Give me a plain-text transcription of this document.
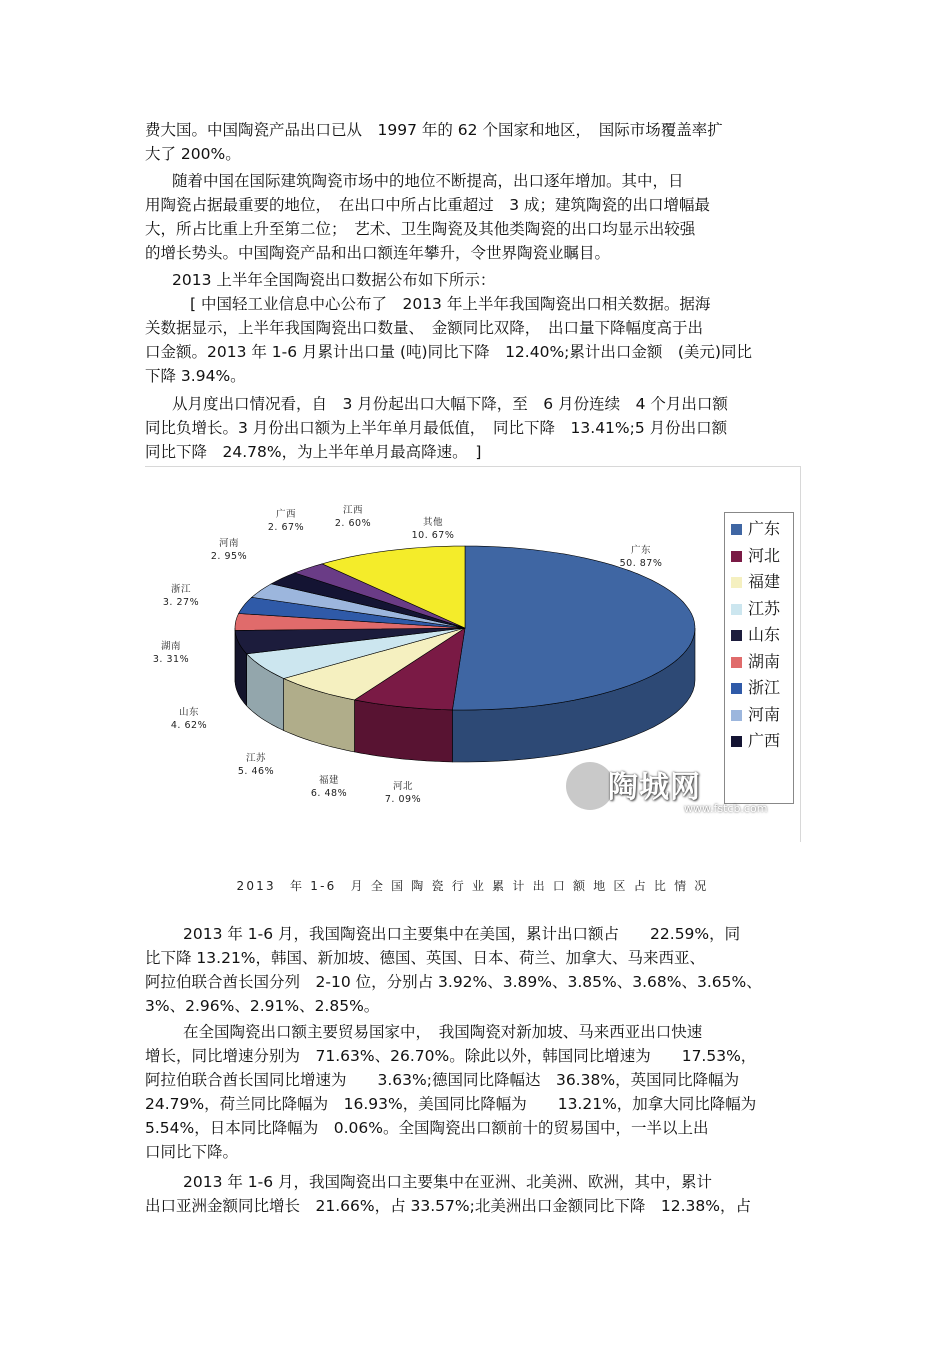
费大国。中国陶瓷产品出口已从　1997 年的 62 个国家和地区，　国际市场覆盖率扩
大了 200%。
随着中国在国际建筑陶瓷市场中的地位不断提高，出口逐年增加。其中，日
用陶瓷占据最重要的地位，　在出口中所占比重超过　3 成；建筑陶瓷的出口增幅最
大，所占比重上升至第二位；　艺术、卫生陶瓷及其他类陶瓷的出口均显示出较强
的增长势头。中国陶瓷产品和出口额连年攀升，令世界陶瓷业瞩目。
2013 上半年全国陶瓷出口数据公布如下所示：
[ 中国轻工业信息中心公布了　2013 年上半年我国陶瓷出口相关数据。据海
关数据显示，上半年我国陶瓷出口数量、　金额同比双降，　出口量下降幅度高于出
口金额。2013 年 1-6 月累计出口量 (吨)同比下降　12.40%;累计出口金额　(美元)同比
下降 3.94%。
从月度出口情况看，自　3 月份起出口大幅下降，至　6 月份连续　4 个月出口额
同比负增长。3 月份出口额为上半年单月最低值，　同比下降　13.41%;5 月份出口额
同比下降　24.78%，为上半年单月最高降速。　]
广东
50. 87%
河北
7. 09%
福建
6. 48%
江苏
5. 46%
山东
4. 62%
湖南
3. 31%
浙江
3. 27%
河南
2. 95%
广西
2. 67%
江西
2. 60%	其他
10. 67%	广东
河北
福建
江苏
山东
湖南
浙江
河南
广西
陶城网
www.fstcb.com
2013　年 1-6　月 全 国 陶 瓷 行 业 累 计 出 口 额 地 区 占 比 情 况
2013 年 1-6 月，我国陶瓷出口主要集中在美国，累计出口额占　　22.59%，同
比下降 13.21%，韩国、新加坡、德国、英国、日本、荷兰、加拿大、马来西亚、
阿拉伯联合酋长国分列　2-10 位，分别占 3.92%、3.89%、3.85%、3.68%、3.65%、
3%、2.96%、2.91%、2.85%。
在全国陶瓷出口额主要贸易国家中，　我国陶瓷对新加坡、马来西亚出口快速
增长，同比增速分别为　71.63%、26.70%。除此以外，韩国同比增速为　　17.53%，
阿拉伯联合酋长国同比增速为　　3.63%;德国同比降幅达　36.38%，英国同比降幅为
24.79%，荷兰同比降幅为　16.93%，美国同比降幅为　　13.21%，加拿大同比降幅为
5.54%，日本同比降幅为　0.06%。全国陶瓷出口额前十的贸易国中，一半以上出
口同比下降。
2013 年 1-6 月，我国陶瓷出口主要集中在亚洲、北美洲、欧洲，其中，累计
出口亚洲金额同比增长　21.66%，占 33.57%;北美洲出口金额同比下降　12.38%，占
